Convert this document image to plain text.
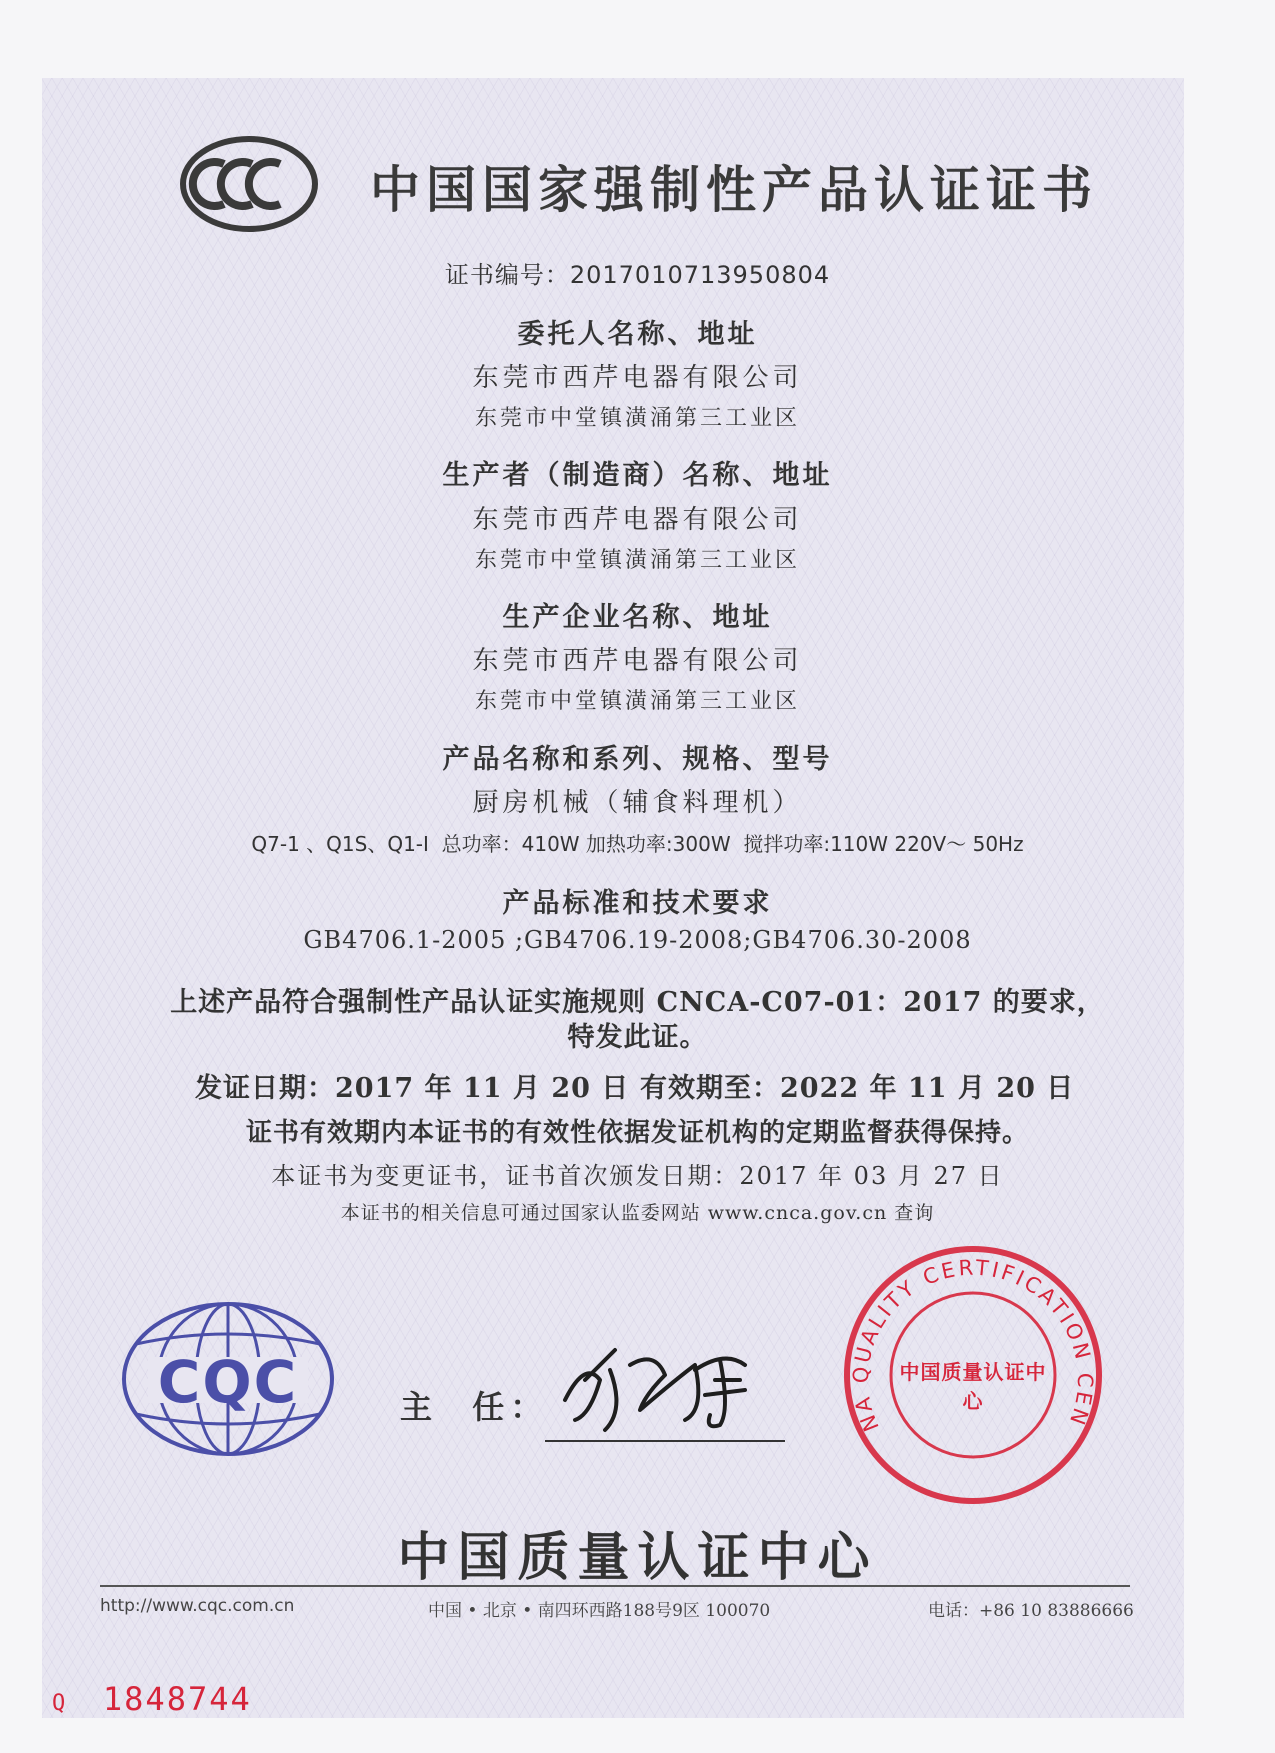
中国国家强制性产品认证证书
证书编号：2017010713950804
委托人名称、地址
东莞市西芹电器有限公司
东莞市中堂镇潢涌第三工业区
生产者（制造商）名称、地址
东莞市西芹电器有限公司
东莞市中堂镇潢涌第三工业区
生产企业名称、地址
东莞市西芹电器有限公司
东莞市中堂镇潢涌第三工业区
产品名称和系列、规格、型号
厨房机械（辅食料理机）
Q7-1 、Q1S、Q1-I  总功率：410W 加热功率:300W  搅拌功率:110W 220V～ 50Hz
产品标准和技术要求
GB4706.1-2005 ;GB4706.19-2008;GB4706.30-2008
上述产品符合强制性产品认证实施规则 CNCA-C07-01：2017 的要求，
特发此证。
发证日期：2017 年 11 月 20 日 有效期至：2022 年 11 月 20 日
证书有效期内本证书的有效性依据发证机构的定期监督获得保持。
本证书为变更证书，证书首次颁发日期：2017 年 03 月 27 日
本证书的相关信息可通过国家认监委网站 www.cnca.gov.cn 查询
CQC	主  任：	NA QUALITY CERTIFICATION CEN
中国质量认证中心
中国质量认证中心
http://www.cqc.com.cn	中国 • 北京 • 南四环西路188号9区 100070	电话：+86 10 83886666
Q 1848744
